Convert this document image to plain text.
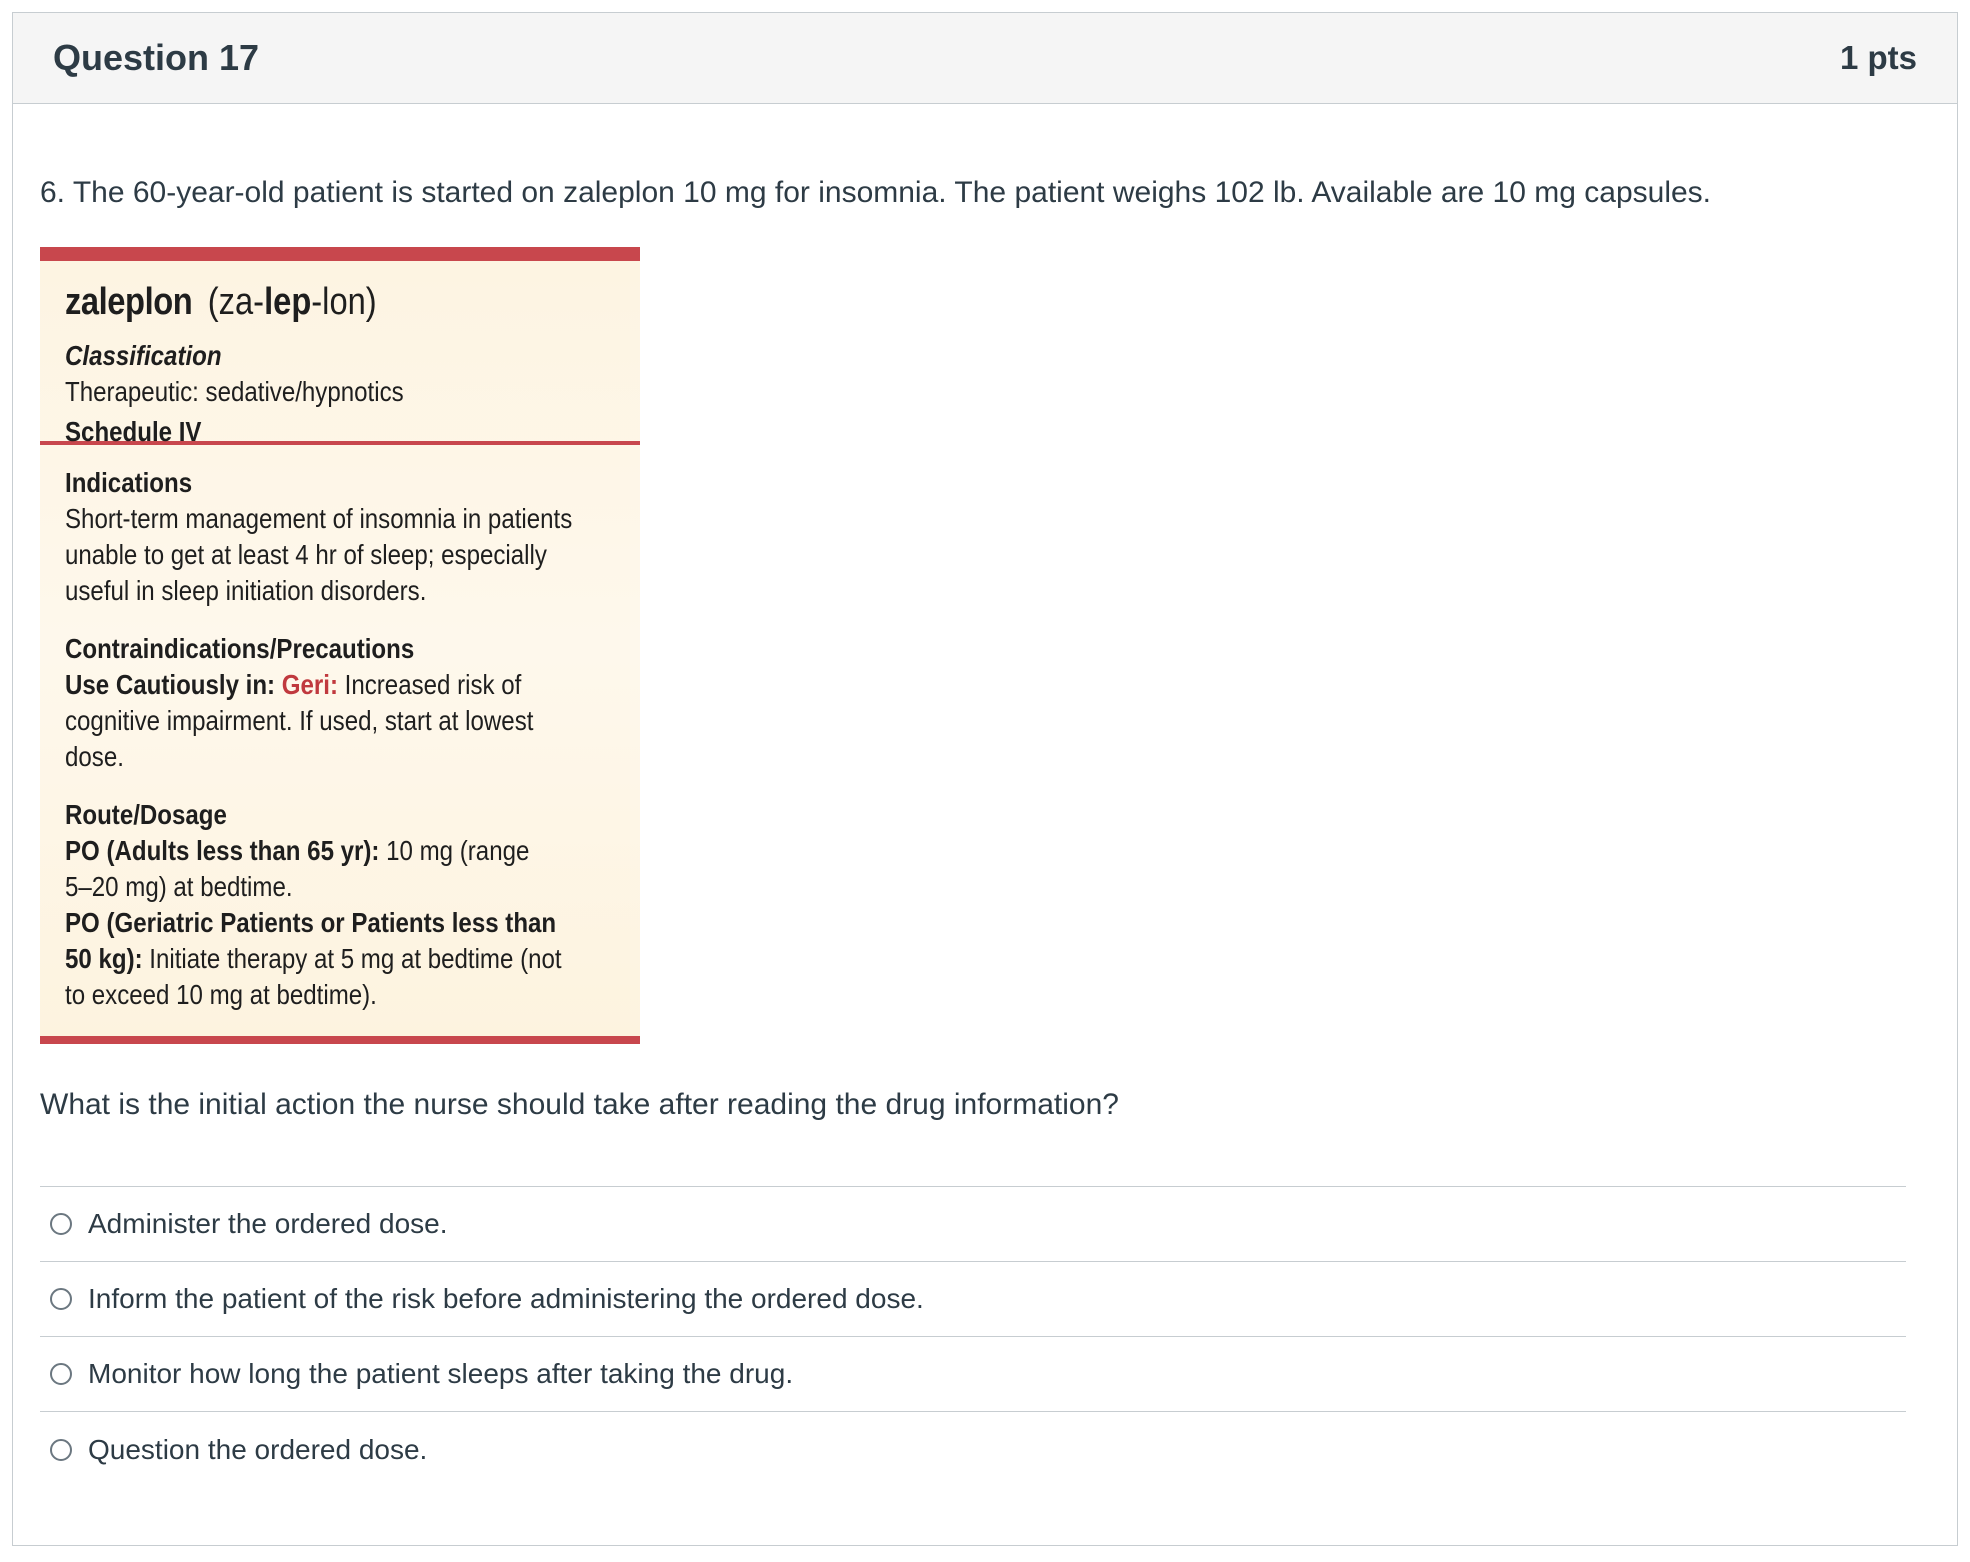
Question 17	1 pts

6. The 60-year-old patient is started on zaleplon 10 mg for insomnia. The patient weighs 102 lb. Available are 10 mg capsules.

zaleplon (za-lep-lon)
Classification
Therapeutic: sedative/hypnotics
Schedule IV
Indications
Short-term management of insomnia in patients
unable to get at least 4 hr of sleep; especially
useful in sleep initiation disorders.
Contraindications/Precautions
Use Cautiously in: Geri: Increased risk of
cognitive impairment. If used, start at lowest
dose.
Route/Dosage
PO (Adults less than 65 yr): 10 mg (range
5–20 mg) at bedtime.
PO (Geriatric Patients or Patients less than
50 kg): Initiate therapy at 5 mg at bedtime (not
to exceed 10 mg at bedtime).

What is the initial action the nurse should take after reading the drug information?

Administer the ordered dose.
Inform the patient of the risk before administering the ordered dose.
Monitor how long the patient sleeps after taking the drug.
Question the ordered dose.
